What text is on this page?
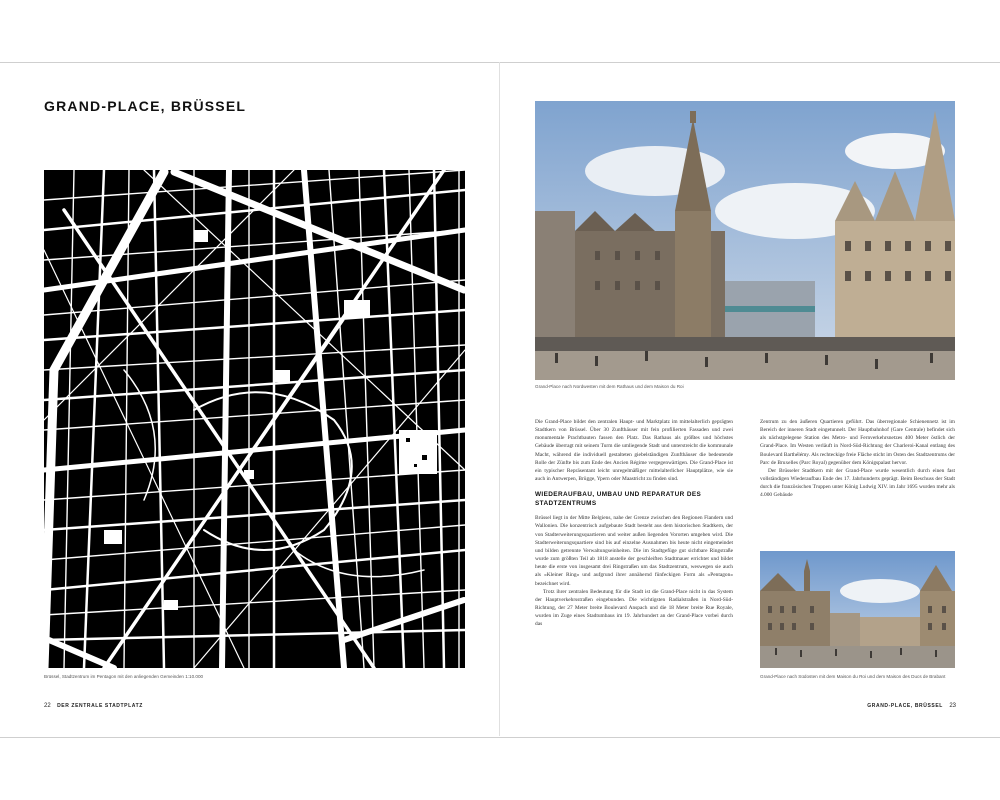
GRAND-PLACE, BRÜSSEL
Brüssel, Stadtzentrum im Pentagon mit den anliegenden Gemeinden 1:10.000
22 DER ZENTRALE STADTPLATZ
Grand-Place nach Nordwesten mit dem Rathaus und dem Maison du Roi

Die Grand-Place bildet den zentralen Haupt- und Marktplatz im mittelalterlich geprägten Stadtkern von Brüssel. Über 30 Zunfthäuser mit fein profilierten Fassaden und zwei monumentale Prachtbauten fassen den Platz. Das Rathaus als größtes und höchstes Gebäude überragt mit seinem Turm die umliegende Stadt und unterstreicht die kommunale Macht, während die individuell gestalteten giebelständigen Zunfthäuser die bedeutende Rolle der Zünfte bis zum Ende des Ancien Régime vergegenwärtigen. Die Grand-Place ist ein typischer Repräsentant leicht unregelmäßiger mittelalterlicher Hauptplätze, wie sie auch in Antwerpen, Brügge, Ypern oder Maastricht zu finden sind.

WIEDERAUFBAU, UMBAU UND REPARATUR DES STADTZENTRUMS

Brüssel liegt in der Mitte Belgiens, nahe der Grenze zwischen den Regionen Flandern und Wallonien. Die konzentrisch aufgebaute Stadt besteht aus dem historischen Stadtkern, der von Stadterweiterungsquartieren und weiter außen liegenden Vororten umgeben wird. Die Stadterweiterungsquartiere sind bis auf einzelne Ausnahmen bis heute nicht eingemeindet und bilden getrennte Verwaltungseinheiten. Die im Stadtgefüge gut sichtbare Ringstraße wurde zum größten Teil ab 1818 anstelle der geschleiften Stadtmauer errichtet und bildet heute die erste von insgesamt drei Ringstraßen um das Stadtzentrum, weswegen sie auch als »Kleiner Ring« und aufgrund ihrer annähernd fünfeckigen Form als »Pentagon« bezeichnet wird.

Trotz ihrer zentralen Bedeutung für die Stadt ist die Grand-Place nicht in das System der Hauptverkehrsstraßen eingebunden. Die wichtigsten Radialstraßen in Nord-Süd-Richtung, der 27 Meter breite Boulevard Anspach und die 18 Meter breite Rue Royale, wurden im Zuge eines Stadtumbaus im 19. Jahrhundert an der Grand-Place vorbei durch das

Zentrum zu den äußeren Quartieren geführt. Das überregionale Schienennetz ist im Bereich der inneren Stadt eingetunnelt. Der Hauptbahnhof (Gare Centrale) befindet sich als nächstgelegene Station des Metro- und Fernverkehrsnetzes 400 Meter östlich der Grand-Place. Im Westen verläuft in Nord-Süd-Richtung der Charleroi-Kanal entlang des Boulevard Barthélémy. Als rechteckige freie Fläche sticht im Osten des Stadtzentrums der Parc de Bruxelles (Parc Royal) gegenüber dem Königspalast hervor.

Der Brüsseler Stadtkern mit der Grand-Place wurde wesentlich durch einen fast vollständigen Wiederaufbau Ende des 17. Jahrhunderts geprägt. Beim Beschuss der Stadt durch die französischen Truppen unter König Ludwig XIV. im Jahr 1695 wurden mehr als 4.000 Gebäude

Grand-Place nach Südosten mit dem Maison du Roi und dem Maison des Ducs de Brabant
GRAND-PLACE, BRÜSSEL 23
